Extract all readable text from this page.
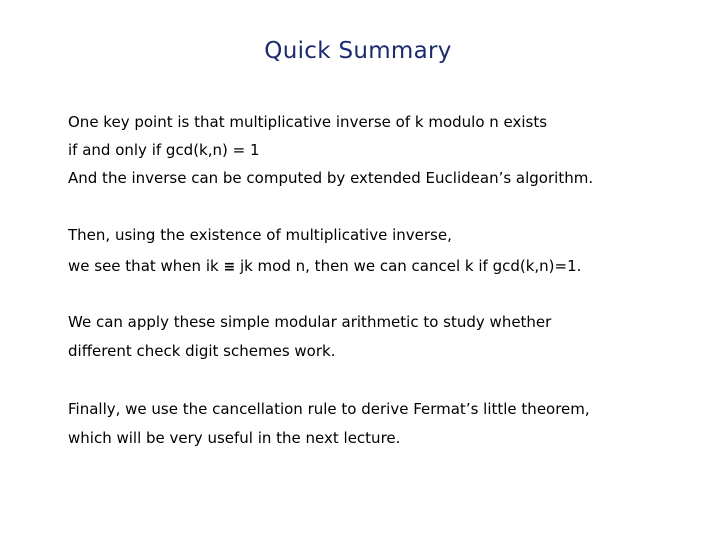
Quick Summary
One key point is that multiplicative inverse of k modulo n exists
if and only if gcd(k,n) = 1
And the inverse can be computed by extended Euclidean’s algorithm.
Then, using the existence of multiplicative inverse,
we see that when ik ≡ jk mod n, then we can cancel k if gcd(k,n)=1.
We can apply these simple modular arithmetic to study whether
different check digit schemes work.
Finally, we use the cancellation rule to derive Fermat’s little theorem,
which will be very useful in the next lecture.
